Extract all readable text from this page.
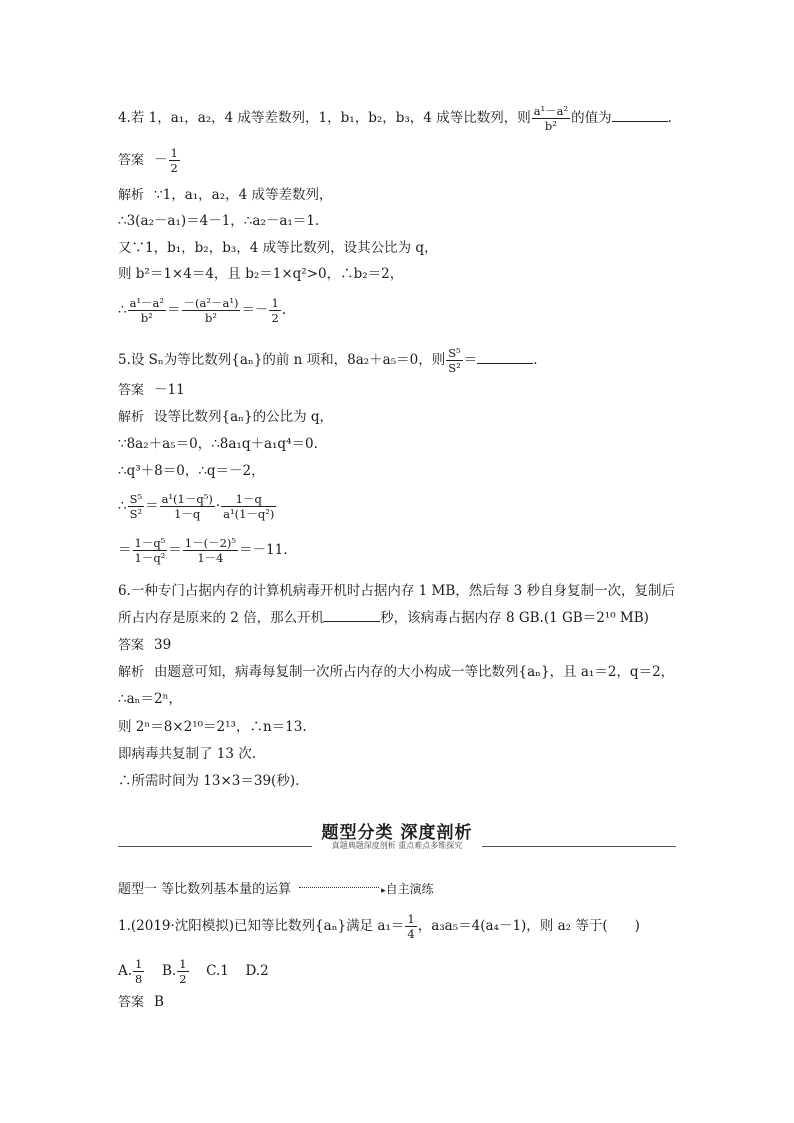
4.若 1，a₁，a₂，4 成等差数列，1，b₁，b₂，b₃，4 成等比数列，则 $\frac{\text{a¹－a²}}{\text{b²}}$ 的值为	.
答案 － $\frac{1}{2}$
解析 ∵1，a₁，a₂，4 成等差数列，
∴3(a₂－a₁)＝4－1，∴a₂－a₁＝1.
又∵1，b₁，b₂，b₃，4 成等比数列，设其公比为 q，
则 b²＝1×4＝4，且 b₂＝1×q²>0，∴b₂＝2，
∴ $\frac{\text{a¹－a²}}{\text{b²}} = \frac{\text{－(a²－a¹)}}{\text{b²}} =- \frac{1}{2}$ .
5.设 Sₙ为等比数列{aₙ}的前 n 项和，8a₂＋a₅＝0，则 $\frac{\text{S⁵}}{\text{S²}}$ ＝	.
答案 －11
解析 设等比数列{aₙ}的公比为 q，
∵8a₂＋a₅＝0，∴8a₁q＋a₁q⁴＝0.
∴q³＋8＝0，∴q＝－2，
∴ $\frac{\text{S⁵}}{\text{S²}} = \frac{\text{a¹(1－q⁵)}}{1-q} \cdot \frac{1-q}{\text{a¹(1－q²)}}$
＝ $\frac{\text{1－q⁵}}{\text{1－q²}} = \frac{\text{1－(－2)⁵}}{1-4} =-11$.
6.一种专门占据内存的计算机病毒开机时占据内存 1 MB，然后每 3 秒自身复制一次，复制后
所占内存是原来的 2 倍，那么开机	秒，该病毒占据内存 8 GB.(1 GB＝2¹⁰ MB)
答案 39
解析 由题意可知，病毒每复制一次所占内存的大小构成一等比数列{aₙ}，且 a₁＝2，q＝2，
∴aₙ＝2ⁿ，
则 2ⁿ＝8×2¹⁰＝2¹³，∴n＝13.
即病毒共复制了 13 次.
∴所需时间为 13×3＝39(秒).
题型分类 深度剖析
真题典题深度剖析 重点难点多维探究
题型一 等比数列基本量的运算	▸自主演练
1.(2019·沈阳模拟)已知等比数列{aₙ}满足 $a_1= \frac{1}{4}$ ，a₃a₅＝4(a₄－1)，则 a₂ 等于(　　)
A. $\frac{1}{8} B$. $\frac{1}{2} C.1$ D.2
答案 B
